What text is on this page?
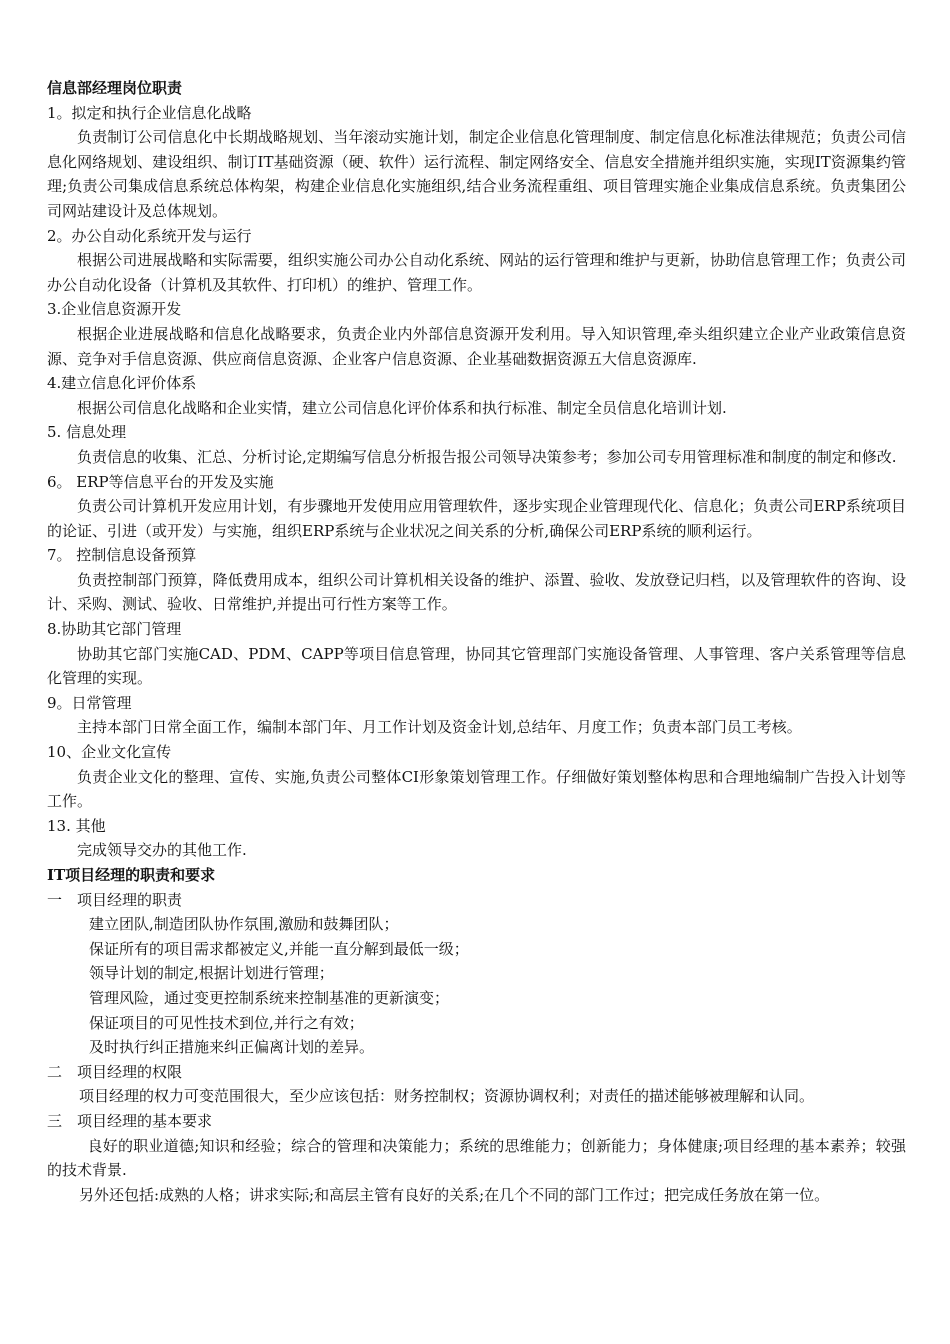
信息部经理岗位职责
1。拟定和执行企业信息化战略
负责制订公司信息化中长期战略规划、当年滚动实施计划，制定企业信息化管理制度、制定信息化标准法律规范；负责公司信息化网络规划、建设组织、制订IT基础资源（硬、软件）运行流程、制定网络安全、信息安全措施并组织实施，实现IT资源集约管理;负责公司集成信息系统总体构架，构建企业信息化实施组织,结合业务流程重组、项目管理实施企业集成信息系统。负责集团公司网站建设计及总体规划。
2。办公自动化系统开发与运行
根据公司进展战略和实际需要，组织实施公司办公自动化系统、网站的运行管理和维护与更新，协助信息管理工作；负责公司办公自动化设备（计算机及其软件、打印机）的维护、管理工作。
3.企业信息资源开发
根据企业进展战略和信息化战略要求，负责企业内外部信息资源开发利用。导入知识管理,牵头组织建立企业产业政策信息资源、竞争对手信息资源、供应商信息资源、企业客户信息资源、企业基础数据资源五大信息资源库.
4.建立信息化评价体系
根据公司信息化战略和企业实情，建立公司信息化评价体系和执行标准、制定全员信息化培训计划.
5. 信息处理
负责信息的收集、汇总、分析讨论,定期编写信息分析报告报公司领导决策参考；参加公司专用管理标准和制度的制定和修改.
6。 ERP等信息平台的开发及实施
负责公司计算机开发应用计划，有步骤地开发使用应用管理软件，逐步实现企业管理现代化、信息化；负责公司ERP系统项目的论证、引进（或开发）与实施，组织ERP系统与企业状况之间关系的分析,确保公司ERP系统的顺利运行。
7。 控制信息设备预算
负责控制部门预算，降低费用成本，组织公司计算机相关设备的维护、添置、验收、发放登记归档，以及管理软件的咨询、设计、采购、测试、验收、日常维护,并提出可行性方案等工作。
8.协助其它部门管理
协助其它部门实施CAD、PDM、CAPP等项目信息管理，协同其它管理部门实施设备管理、人事管理、客户关系管理等信息化管理的实现。
9。日常管理
主持本部门日常全面工作，编制本部门年、月工作计划及资金计划,总结年、月度工作；负责本部门员工考核。
10、企业文化宣传
负责企业文化的整理、宣传、实施,负责公司整体CI形象策划管理工作。仔细做好策划整体构思和合理地编制广告投入计划等工作。
13. 其他
完成领导交办的其他工作.
IT项目经理的职责和要求
一　项目经理的职责
建立团队,制造团队协作氛围,激励和鼓舞团队；
保证所有的项目需求都被定义,并能一直分解到最低一级；
领导计划的制定,根据计划进行管理；
管理风险，通过变更控制系统来控制基准的更新演变；
保证项目的可见性技术到位,并行之有效；
及时执行纠正措施来纠正偏离计划的差异。
二　项目经理的权限
项目经理的权力可变范围很大，至少应该包括：财务控制权；资源协调权利；对责任的描述能够被理解和认同。
三　项目经理的基本要求
良好的职业道德;知识和经验；综合的管理和决策能力；系统的思维能力；创新能力；身体健康;项目经理的基本素养；较强的技术背景.
另外还包括:成熟的人格；讲求实际;和高层主管有良好的关系;在几个不同的部门工作过；把完成任务放在第一位。
